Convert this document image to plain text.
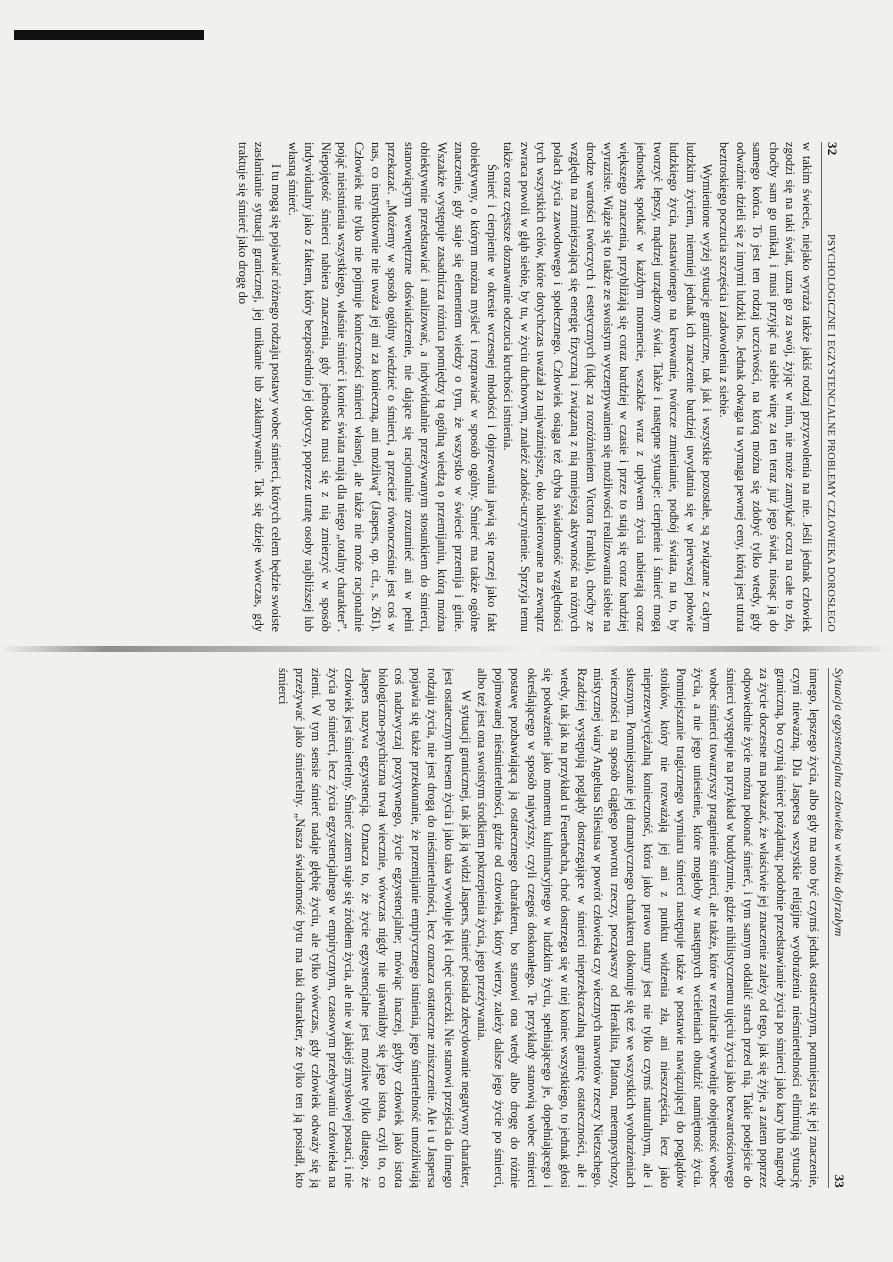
32
PSYCHOLOGICZNE I EGZYSTENCJALNE PROBLEMY CZŁOWIEKA DOROSŁEGO

w takim świecie, niejako wyraża także jakiś rodzaj przyzwolenia na nie. Jeśli jednak człowiek zgodzi się na taki świat, uzna go za swój, żyjąc w nim, nie może zamykać oczu na całe to zło, choćby sam go unikał, i musi przyjąć na siebie winę za ten teraz już jego świat, niosąc ją do samego końca. To jest ten rodzaj uczciwości, na którą można się zdobyć tylko wtedy, gdy odważnie dzieli się z innymi ludzki los. Jednak odwaga ta wymaga pewnej ceny, którą jest utrata beztroskiego poczucia szczęścia i zadowolenia z siebie.

Wymienione wyżej sytuacje graniczne, tak jak i wszystkie pozostałe, są związane z całym ludzkim życiem, niemniej jednak ich znaczenie bardziej uwydatnia się w pierwszej połowie ludzkiego życia, nastawionego na kreowanie, twórcze zmienianie, podbój świata, na to, by tworzyć lepszy, mądrzej urządzony świat. Także i następne sytuacje: cierpienie i śmierć mogą jednostkę spotkać w każdym momencie, wszakże wraz z upływem życia nabierają coraz większego znaczenia, przybliżają się coraz bardziej w czasie i przez to stają się coraz bardziej wyraziste. Wiąże się to także ze swoistym wyczerpywaniem się możliwości realizowania siebie na drodze wartości twórczych i estetycznych (idąc za rozróżnieniem Victora Frankla), choćby ze względu na zmniejszającą się energię fizyczną i związaną z nią mniejszą aktywność na różnych polach życia zawodowego i społecznego. Człowiek osiąga też chyba świadomość względności tych wszystkich celów, które dotychczas uważał za najważniejsze, oko nakierowane na zewnątrz zwraca powoli w głąb siebie, by tu, w życiu duchowym, znaleźć zadość-uczynienie. Sprzyja temu także coraz częstsze doznawanie odczucia kruchości istnienia.

Śmierć i cierpienie w okresie wczesnej młodości i dojrzewania jawią się raczej jako fakt obiektywny, o którym można myśleć i rozprawiać w sposób ogólny. Śmierć ma także ogólne znaczenie, gdy staje się elementem wiedzy o tym, że wszystko w świecie przemija i ginie. Wszakże występuje zasadnicza różnica pomiędzy tą ogólną wiedzą o przemijaniu, którą można obiektywnie przedstawiać i analizować, a indywidualnie przeżywanym stosunkiem do śmierci, stanowiącym wewnętrzne doświadczenie, nie dające się racjonalnie zrozumieć ani w pełni przekazać. „Możemy w sposób ogólny wiedzieć o śmierci, a przecież równocześnie jest coś w nas, co instynktownie nie uważa jej ani za konieczną, ani możliwą” (Jaspers, op. cit., s. 261). Człowiek nie tylko nie pojmuje konieczności śmierci własnej, ale także nie może racjonalnie pojąć nieistnienia wszystkiego, właśnie śmierć i koniec świata mają dla niego „totalny charakter”. Niepojętość śmierci nabiera znaczenia, gdy jednostka musi się z nią zmierzyć w sposób indywidualny jako z faktem, który bezpośrednio jej dotyczy, poprzez utratę osoby najbliższej lub własną śmierć.

I tu mogą się pojawiać różnego rodzaju postawy wobec śmierci, których celem będzie swoiste zasłanianie sytuacji granicznej, jej unikanie lub zakłamywanie. Tak się dzieje wówczas, gdy traktuje się śmierć jako drogę do

Sytuacja egzystencjalna człowieka w wieku dojrzałym
33

innego, lepszego życia, albo gdy ma ono być czymś jednak ostatecznym, pomniejsza się jej znaczenie, czyni nieważną. Dla Jaspersa wszystkie religijne wyobrażenia nieśmiertelności eliminują sytuację graniczną, bo czynią śmierć pożądaną; podobnie przedstawianie życia po śmierci jako kary lub nagrody za życie doczesne ma pokazać, że właściwie jej znaczenie zależy od tego, jak się żyje, a zatem poprzez odpowiednie życie można pokonać śmierć, i tym samym oddalić strach przed nią. Takie podejście do śmierci występuje na przykład w buddyzmie, gdzie nihilistycznemu ujęciu życia jako bezwartościowego wobec śmierci towarzyszy pragnienie śmierci, ale także, które w rezultacie wywołuje obojętność wobec życia, a nie jego uniesienie, które mogłoby w następnych wcieleniach obudzić namiętność życia. Pomniejszanie tragicznego wymiaru śmierci następuje także w postawie nawiązującej do poglądów stoików, który nie rozważają jej ani z punktu widzenia zła, ani nieszczęścia, lecz jako nieprzezwyciężalną konieczność, która jako prawo natury jest nie tylko czymś naturalnym, ale i słusznym. Pomniejszanie jej dramatycznego charakteru dokonuje się też we wszystkich wyobrażeniach wieczności na sposób ciągłego powrotu rzeczy, począwszy od Heraklita, Platona, metempsychozy, mistycznej wiary Angelusa Silesiusa w powrót człowieka czy wiecznych nawrotów rzeczy Nietzschego. Rzadziej występują poglądy dostrzegające w śmierci nieprzekraczalną granicę ostateczności, ale i wtedy, tak jak na przykład u Feuerbacha, choć dostrzega się w niej koniec wszystkiego, to jednak głosi się podważenie jako momentu kulminacyjnego w ludzkim życiu, spełniającego je, dopełniającego i określającego w sposób najwyższy, czyli czegoś doskonałego. Te przykłady stanowią wobec śmierci postawę pozbawiającą ją ostatecznego charakteru, bo stanowi ona wtedy albo drogę do różnie pojmowanej nieśmiertelności, gdzie od człowieka, który wierzy, zależy dalsze jego życie po śmierci, albo też jest ona swoistym środkiem pokrzepienia życia, jego przeżywania.

W sytuacji granicznej, tak jak ją widzi Jaspers, śmierć posiada zdecydowanie negatywny charakter, jest ostatecznym kresem życia i jako taka wywołuje lęk i chęć ucieczki. Nie stanowi przejścia do innego rodzaju życia, nie jest drogą do nieśmiertelności, lecz oznacza ostateczne zniszczenie. Ale i u Jaspersa pojawia się także przekonanie, że przemijanie empirycznego istnienia, jego śmiertelność umożliwiają coś nadzwyczaj pozytywnego, życie egzystencjalne; mówiąc inaczej, gdyby człowiek jako istota biologiczno-psychiczna trwał wiecznie, wówczas nigdy nie ujawniłaby się jego istota, czyli to, co Jaspers nazywa egzystencją. Oznacza to, że życie egzystencjalne jest możliwe tylko dlatego, że człowiek jest śmiertelny. Śmierć zatem staje się źródłem życia, ale nie w jakiejś zmysłowej postaci, i nie życia po śmierci, lecz życia egzystencjalnego w empirycznym, czasowym przebywaniu człowieka na ziemi. W tym sensie śmierć nadaje głębię życiu, ale tylko wówczas, gdy człowiek odważy się ją przeżywać jako śmiertelny. „Nasza świadomość bytu ma taki charakter, że tylko ten ją posiadł, kto śmierci
